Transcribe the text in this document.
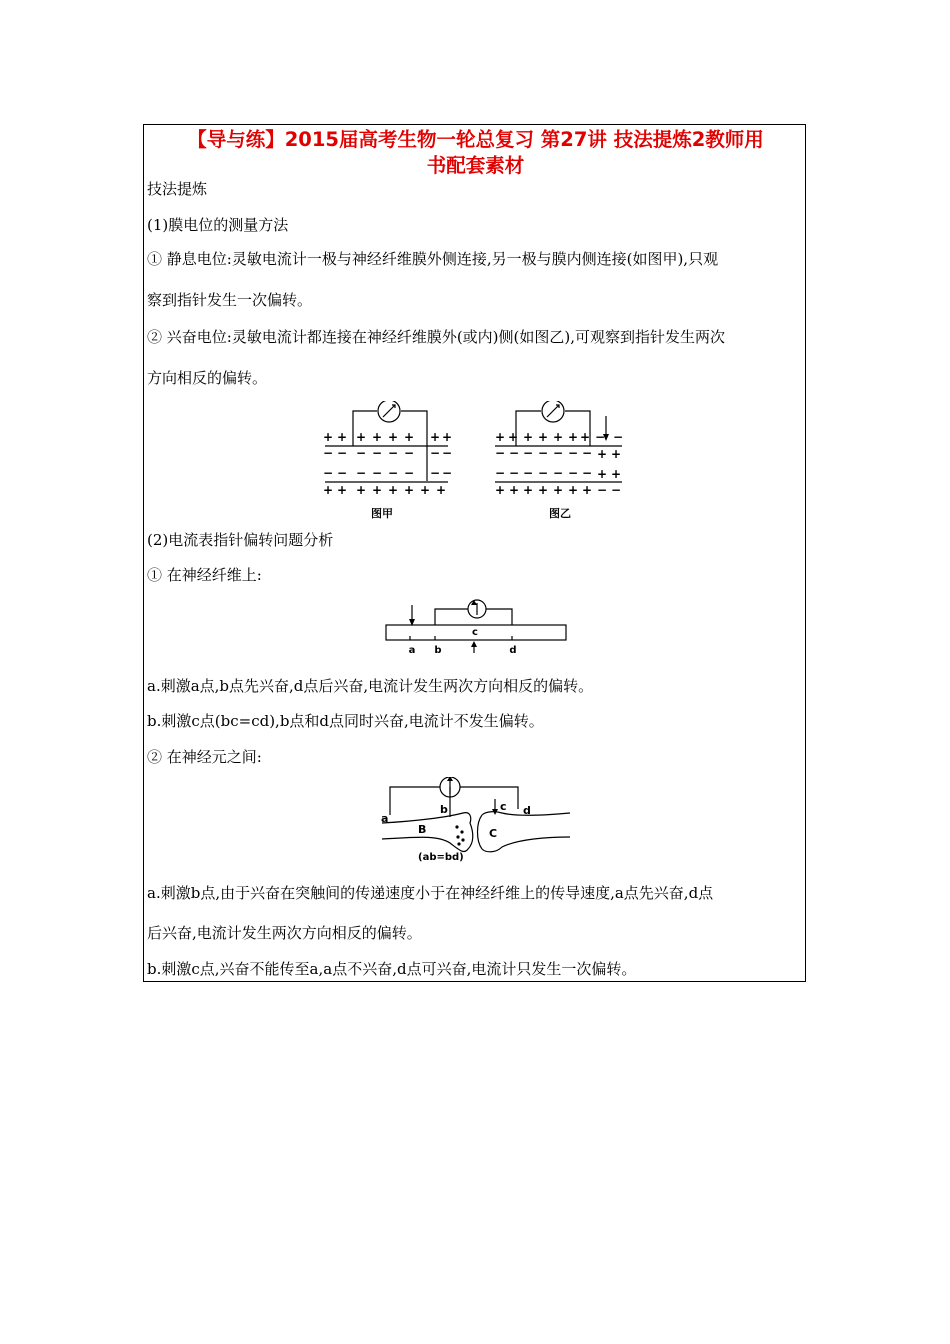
【导与练】2015届高考生物一轮总复习 第27讲 技法提炼2教师用
书配套素材
技法提炼
(1)膜电位的测量方法
① 静息电位:灵敏电流计一极与神经纤维膜外侧连接,另一极与膜内侧连接(如图甲),只观
察到指针发生一次偏转。
② 兴奋电位:灵敏电流计都连接在神经纤维膜外(或内)侧(如图乙),可观察到指针发生两次
方向相反的偏转。
+ + + + + + + +
− − − − − − − −
− − − − − − − −
+ + + + + + + +
+ + + + + + + − −
− − − − − − − + +
− − − − − − − + +
+ + + + + + + − −
图甲	图乙
(2)电流表指针偏转问题分析
① 在神经纤维上:
c
a b	d
a.刺激a点,b点先兴奋,d点后兴奋,电流计发生两次方向相反的偏转。
b.刺激c点(bc=cd),b点和d点同时兴奋,电流计不发生偏转。
② 在神经元之间:
a
b	c d
B	C
(ab=bd)
a.刺激b点,由于兴奋在突触间的传递速度小于在神经纤维上的传导速度,a点先兴奋,d点
后兴奋,电流计发生两次方向相反的偏转。
b.刺激c点,兴奋不能传至a,a点不兴奋,d点可兴奋,电流计只发生一次偏转。
